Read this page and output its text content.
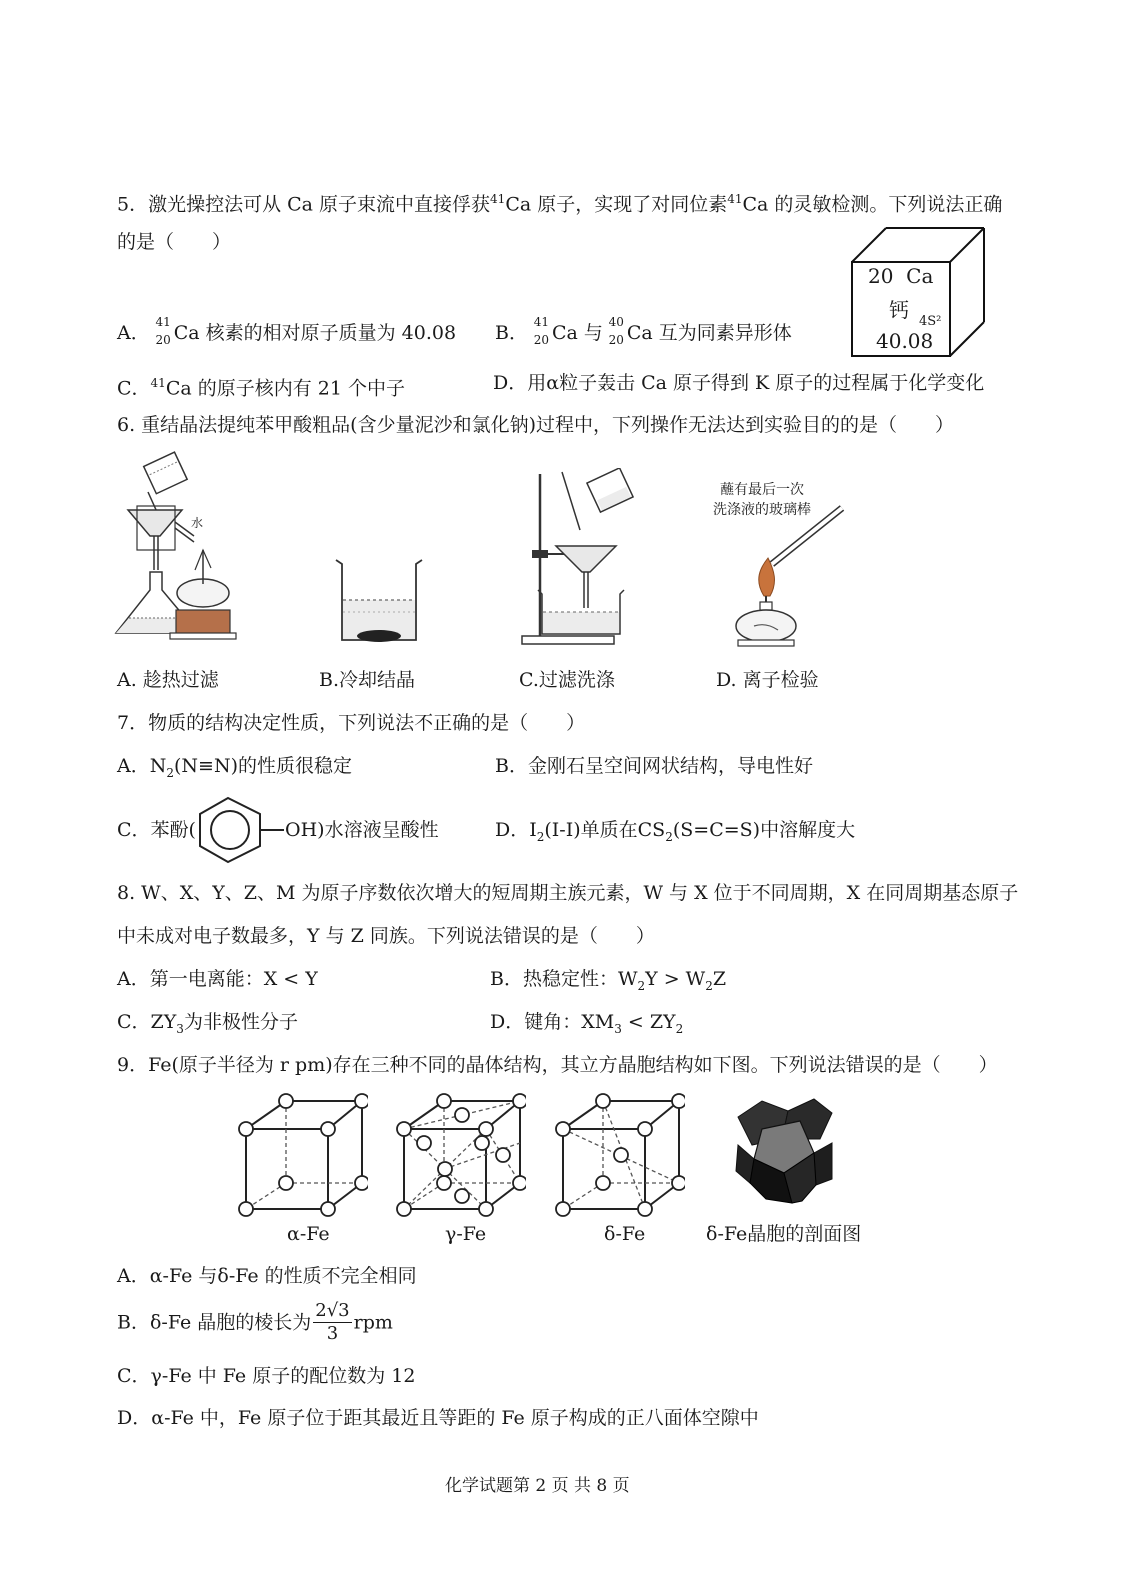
5．激光操控法可从 Ca 原子束流中直接俘获$^{41}$Ca 原子，实现了对同位素$^{41}$Ca 的灵敏检测。下列说法正确
的是（　　）
20 Ca
钙 4S²
40.08
A． 41
20 Ca 核素的相对原子质量为 40.08 B． 41
20 Ca 与 40
20 Ca 互为同素异形体
C．$^{41}$Ca 的原子核内有 21 个中子	D．用α粒子轰击 Ca 原子得到 K 原子的过程属于化学变化
6. 重结晶法提纯苯甲酸粗品(含少量泥沙和氯化钠)过程中，下列操作无法达到实验目的的是（　　）
水
蘸有最后一次
洗涤液的玻璃棒
A. 趁热过滤	B.冷却结晶	C.过滤洗涤	D. 离子检验
7．物质的结构决定性质，下列说法不正确的是（　　）
A．$N_2(N\equiv N)$的性质很稳定	B．金刚石呈空间网状结构，导电性好
C．苯酚(	OH)水溶液呈酸性	D．$I_2(I-I)$单质在$CS_2(S=C=S)$中溶解度大
8. W、X、Y、Z、M 为原子序数依次增大的短周期主族元素，W 与 X 位于不同周期，X 在同周期基态原子
中未成对电子数最多，Y 与 Z 同族。下列说法错误的是（　　）
A．第一电离能：X < Y	B．热稳定性：$W_2Y > W_2Z$
C．$ZY_3$为非极性分子	D．键角：$XM_3 < ZY_2$
9．Fe(原子半径为 r pm)存在三种不同的晶体结构，其立方晶胞结构如下图。下列说法错误的是（　　）
α-Fe	γ-Fe	δ-Fe	δ-Fe晶胞的剖面图
A．α-Fe 与δ-Fe 的性质不完全相同
B．δ-Fe 晶胞的棱长为 $\frac{2√3}{3}$ rpm
C．γ-Fe 中 Fe 原子的配位数为 12
D．α-Fe 中，Fe 原子位于距其最近且等距的 Fe 原子构成的正八面体空隙中
化学试题第 2 页 共 8 页
